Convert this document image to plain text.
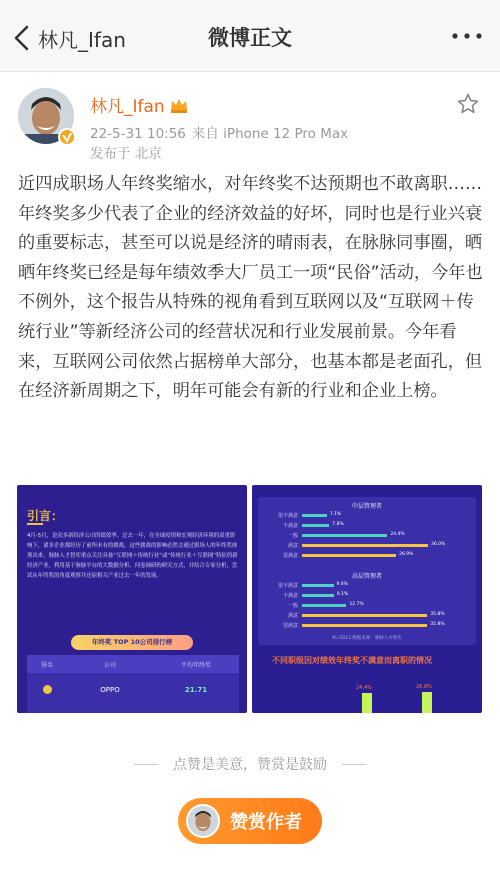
林凡_Ifan	微博正文
林凡_Ifan
22-5-31 10:56 来自 iPhone 12 Pro Max
发布于 北京
近四成职场人年终奖缩水，对年终奖不达预期也不敢离职……年终奖多少代表了企业的经济效益的好坏，同时也是行业兴衰的重要标志，甚至可以说是经济的晴雨表，在脉脉同事圈，晒晒年终奖已经是每年绩效季大厂员工一项“民俗”活动，今年也不例外，这个报告从特殊的视角看到互联网以及“互联网＋传统行业”等新经济公司的经营状况和行业发展前景。今年看来，互联网公司依然占据榜单大部分，也基本都是老面孔，但在经济新周期之下，明年可能会有新的行业和企业上榜。
引言：
4月-5月，是众多新经济公司的绩效季。过去一年，在全球疫情和宏观经济环境的双重影响下，诸多企业都经历了前所未有的挑战，这些挑战的影响必然会通过职场人的年终奖体现出来。脉脉人才智库重点关注具备“互联网＋传统行业”或“传统行业＋互联网”特征的新经济产业，利用基于脉脉平台的大数据分析、问卷调研的研究方式，并结合专家分析，尝试从年终奖的角度观察并还原相关产业过去一年的发展。
年终奖 TOP 10公司排行榜
排名	公司	平均年终奖
OPPO	21.71
中层管理者
高层管理者
N=5013 数据来源：脉脉人才智库
很不满意	7.1%
不满意	7.8%
一般	24.4%
满意	36.0%
很满意	26.9%
很不满意	9.0%
不满意	9.1%
一般	12.7%
满意	35.8%
很满意	35.8%
不同职级因对绩效年终奖不满意而离职的情况
24.4%	26.8%
点赞是美意，赞赏是鼓励
赞赏作者
